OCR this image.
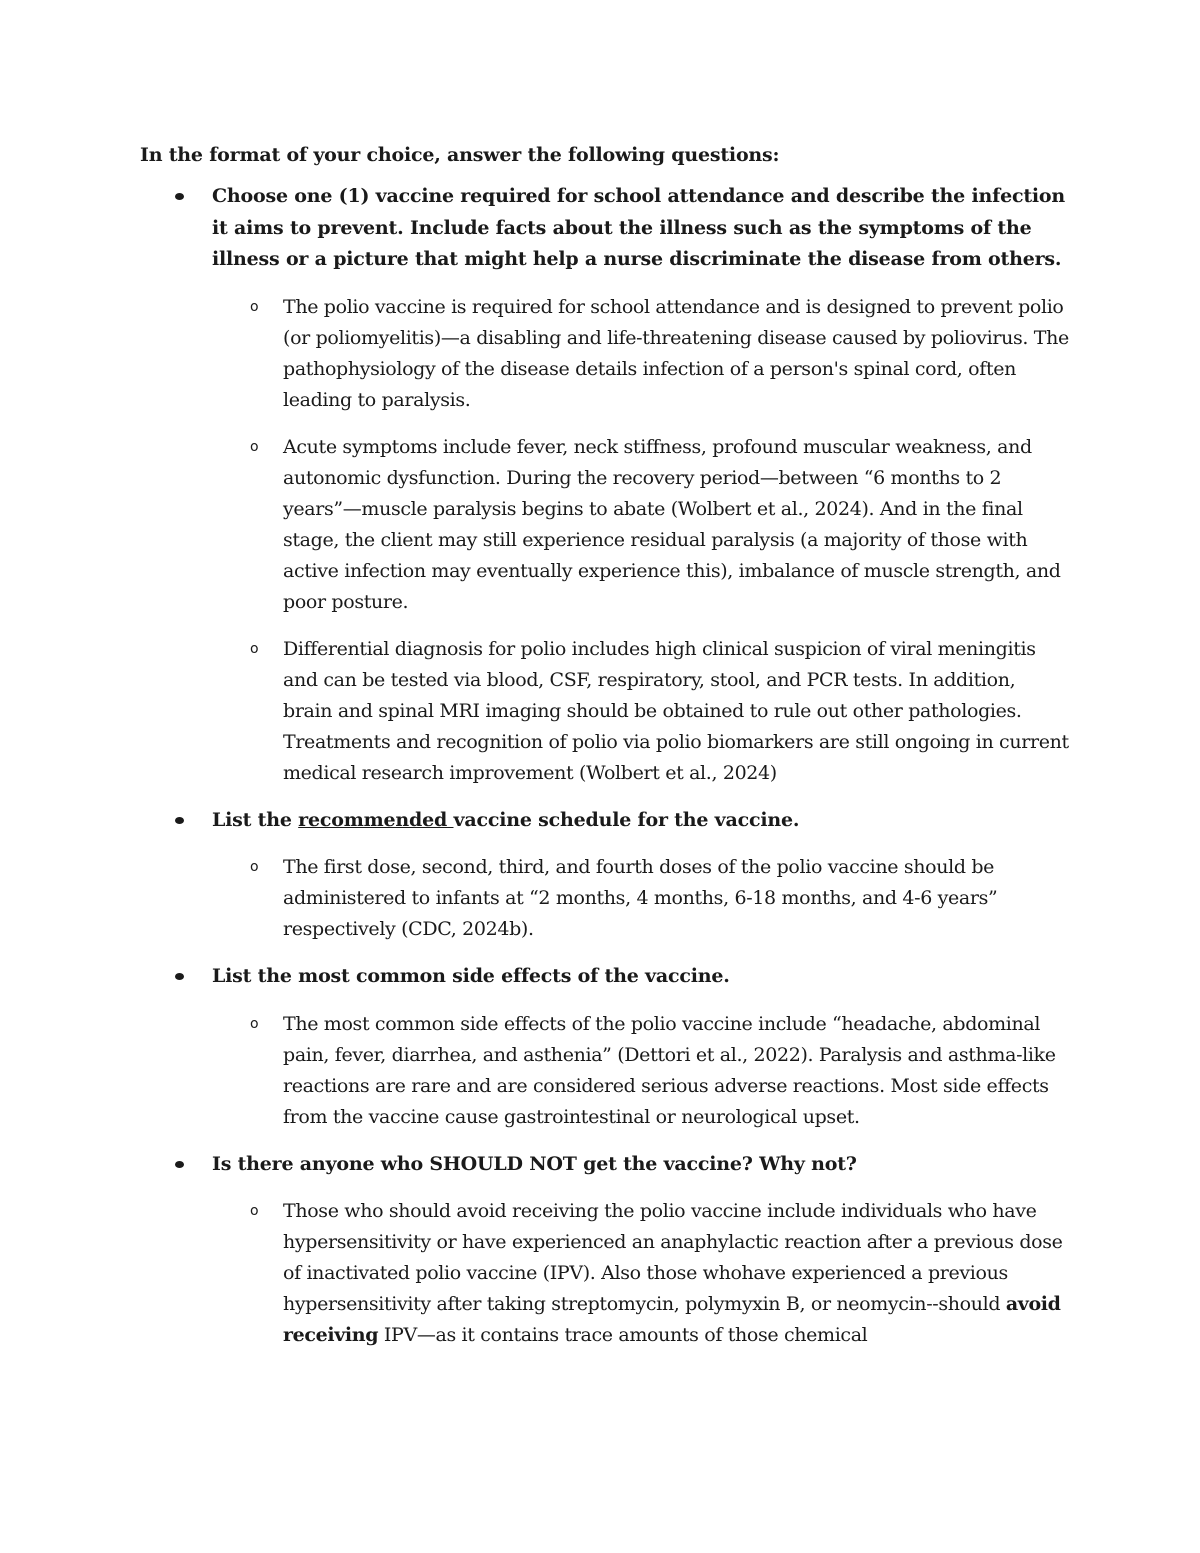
In the format of your choice, answer the following questions:

Choose one (1) vaccine required for school attendance and describe the infection it aims to prevent. Include facts about the illness such as the symptoms of the illness or a picture that might help a nurse discriminate the disease from others.
o The polio vaccine is required for school attendance and is designed to prevent polio (or poliomyelitis)—a disabling and life-threatening disease caused by poliovirus. The pathophysiology of the disease details infection of a person's spinal cord, often leading to paralysis.
o Acute symptoms include fever, neck stiffness, profound muscular weakness, and autonomic dysfunction. During the recovery period—between “6 months to 2 years”—muscle paralysis begins to abate (Wolbert et al., 2024). And in the final stage, the client may still experience residual paralysis (a majority of those with active infection may eventually experience this), imbalance of muscle strength, and poor posture.
o Differential diagnosis for polio includes high clinical suspicion of viral meningitis and can be tested via blood, CSF, respiratory, stool, and PCR tests. In addition, brain and spinal MRI imaging should be obtained to rule out other pathologies. Treatments and recognition of polio via polio biomarkers are still ongoing in current medical research improvement (Wolbert et al., 2024)
List the recommended vaccine schedule for the vaccine.
o The first dose, second, third, and fourth doses of the polio vaccine should be administered to infants at “2 months, 4 months, 6-18 months, and 4-6 years” respectively (CDC, 2024b).
List the most common side effects of the vaccine.
o The most common side effects of the polio vaccine include “headache, abdominal pain, fever, diarrhea, and asthenia” (Dettori et al., 2022). Paralysis and asthma-like reactions are rare and are considered serious adverse reactions. Most side effects from the vaccine cause gastrointestinal or neurological upset.
Is there anyone who SHOULD NOT get the vaccine? Why not?
o Those who should avoid receiving the polio vaccine include individuals who have hypersensitivity or have experienced an anaphylactic reaction after a previous dose of inactivated polio vaccine (IPV). Also those whohave experienced a previous hypersensitivity after taking streptomycin, polymyxin B, or neomycin--should avoid receiving IPV—as it contains trace amounts of those chemical
